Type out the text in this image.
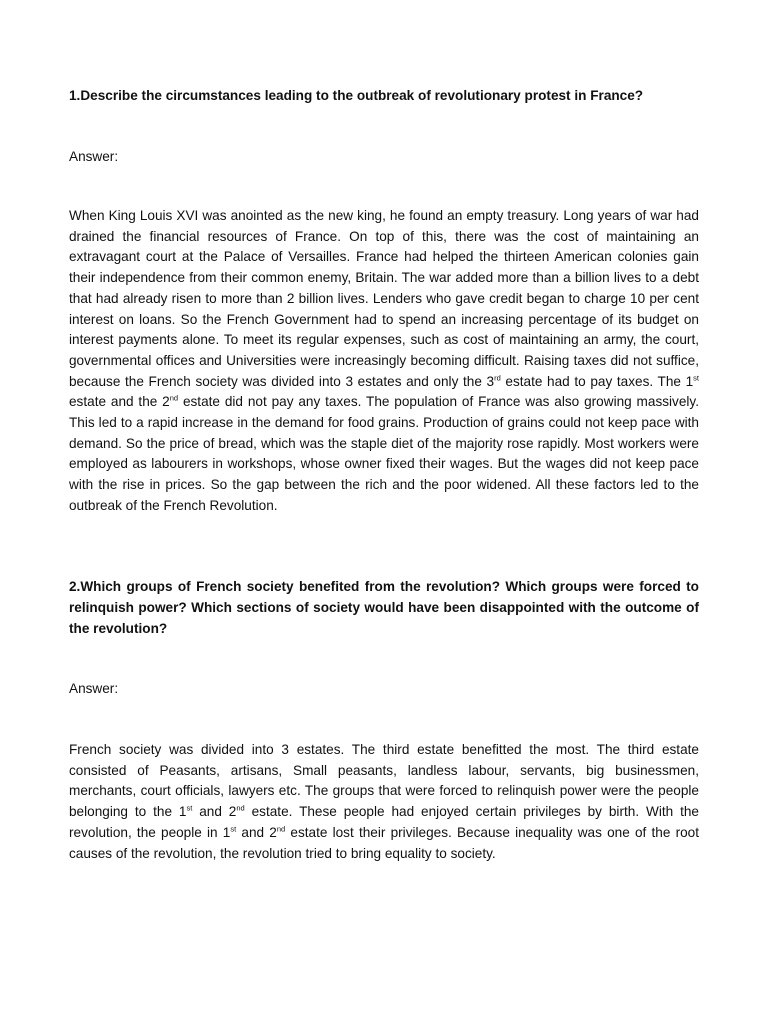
1.Describe the circumstances leading to the outbreak of revolutionary protest in France?

Answer:

When King Louis XVI was anointed as the new king, he found an empty treasury. Long years of war had drained the financial resources of France. On top of this, there was the cost of maintaining an extravagant court at the Palace of Versailles. France had helped the thirteen American colonies gain their independence from their common enemy, Britain. The war added more than a billion lives to a debt that had already risen to more than 2 billion lives. Lenders who gave credit began to charge 10 per cent interest on loans. So the French Government had to spend an increasing percentage of its budget on interest payments alone. To meet its regular expenses, such as cost of maintaining an army, the court, governmental offices and Universities were increasingly becoming difficult. Raising taxes did not suffice, because the French society was divided into 3 estates and only the 3rd estate had to pay taxes. The 1st estate and the 2nd estate did not pay any taxes. The population of France was also growing massively. This led to a rapid increase in the demand for food grains. Production of grains could not keep pace with demand. So the price of bread, which was the staple diet of the majority rose rapidly. Most workers were employed as labourers in workshops, whose owner fixed their wages. But the wages did not keep pace with the rise in prices. So the gap between the rich and the poor widened. All these factors led to the outbreak of the French Revolution.

2.Which groups of French society benefited from the revolution? Which groups were forced to relinquish power? Which sections of society would have been disappointed with the outcome of the revolution?

Answer:

French society was divided into 3 estates. The third estate benefitted the most. The third estate consisted of Peasants, artisans, Small peasants, landless labour, servants, big businessmen, merchants, court officials, lawyers etc. The groups that were forced to relinquish power were the people belonging to the 1st and 2nd estate. These people had enjoyed certain privileges by birth. With the revolution, the people in 1st and 2nd estate lost their privileges. Because inequality was one of the root causes of the revolution, the revolution tried to bring equality to society.
